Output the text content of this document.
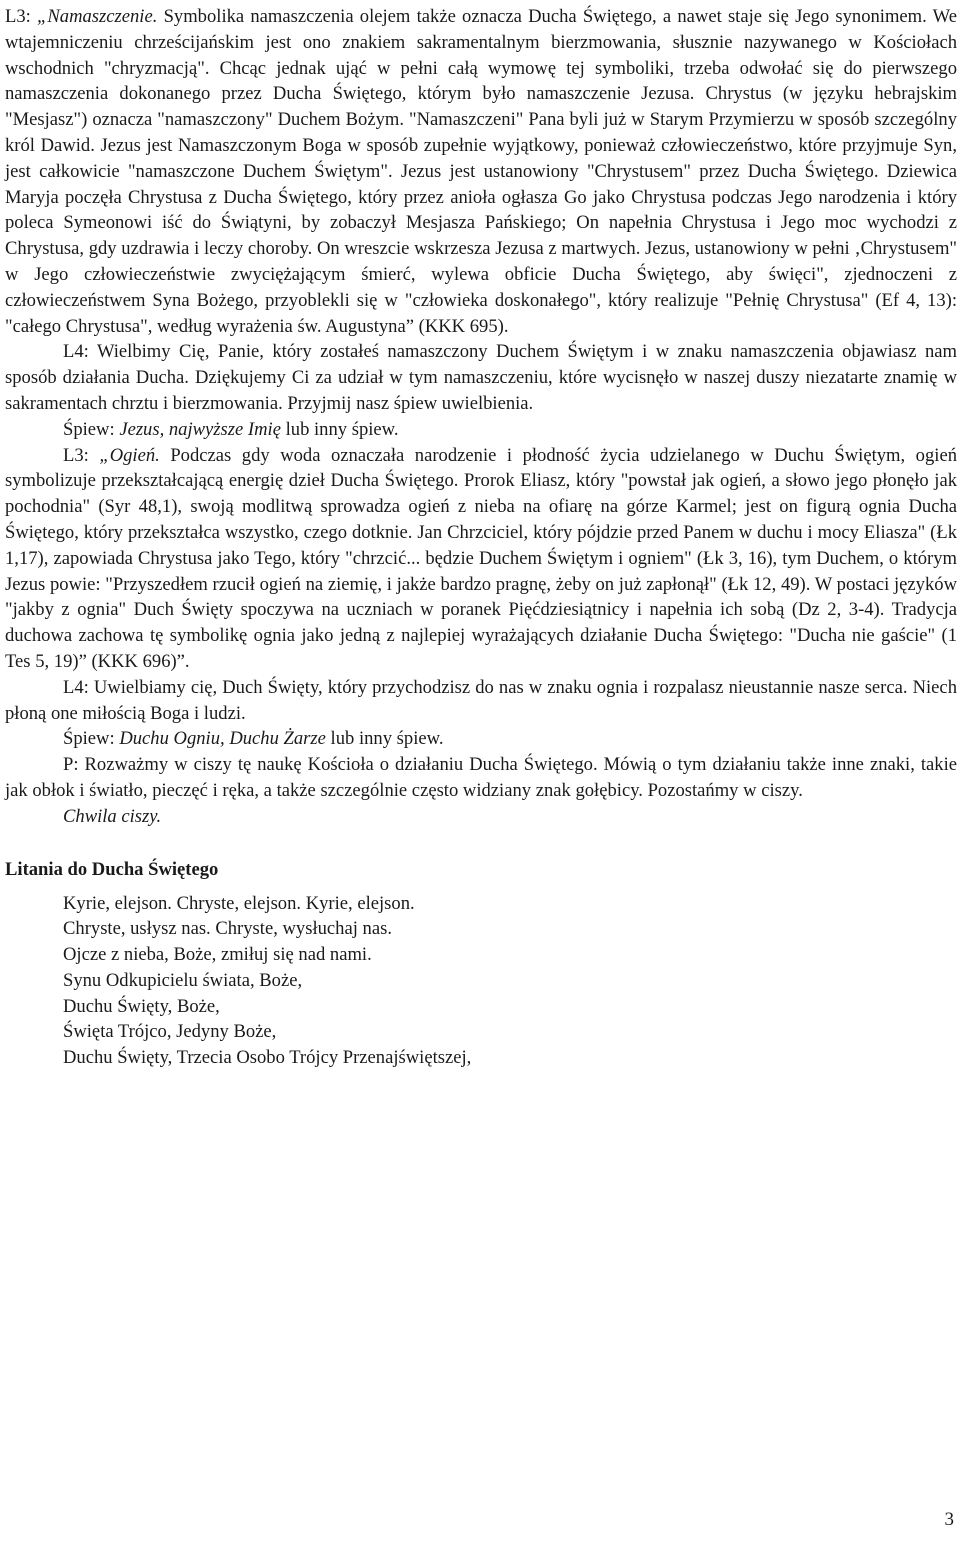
L3: „Namaszczenie. Symbolika namaszczenia olejem także oznacza Ducha Świętego, a nawet staje się Jego synonimem. We wtajemniczeniu chrześcijańskim jest ono znakiem sakramentalnym bierzmowania, słusznie nazywanego w Kościołach wschodnich "chryzmacją". Chcąc jednak ująć w pełni całą wymowę tej symboliki, trzeba odwołać się do pierwszego namaszczenia dokonanego przez Ducha Świętego, którym było namaszczenie Jezusa. Chrystus (w języku hebrajskim "Mesjasz") oznacza "namaszczony" Duchem Bożym. "Namaszczeni" Pana byli już w Starym Przymierzu w sposób szczególny król Dawid. Jezus jest Namaszczonym Boga w sposób zupełnie wyjątkowy, ponieważ człowieczeństwo, które przyjmuje Syn, jest całkowicie "namaszczone Duchem Świętym". Jezus jest ustanowiony "Chrystusem" przez Ducha Świętego. Dziewica Maryja poczęła Chrystusa z Ducha Świętego, który przez anioła ogłasza Go jako Chrystusa podczas Jego narodzenia i który poleca Symeonowi iść do Świątyni, by zobaczył Mesjasza Pańskiego; On napełnia Chrystusa i Jego moc wychodzi z Chrystusa, gdy uzdrawia i leczy choroby. On wreszcie wskrzesza Jezusa z martwych. Jezus, ustanowiony w pełni ‚Chrystusem" w Jego człowieczeństwie zwyciężającym śmierć, wylewa obficie Ducha Świętego, aby święci", zjednoczeni z człowieczeństwem Syna Bożego, przyoblekli się w "człowieka doskonałego", który realizuje "Pełnię Chrystusa" (Ef 4, 13): "całego Chrystusa", według wyrażenia św. Augustyna” (KKK 695).

L4: Wielbimy Cię, Panie, który zostałeś namaszczony Duchem Świętym i w znaku namaszczenia objawiasz nam sposób działania Ducha. Dziękujemy Ci za udział w tym namaszczeniu, które wycisnęło w naszej duszy niezatarte znamię w sakramentach chrztu i bierzmowania. Przyjmij nasz śpiew uwielbienia.

Śpiew: Jezus, najwyższe Imię lub inny śpiew.

L3: „Ogień. Podczas gdy woda oznaczała narodzenie i płodność życia udzielanego w Duchu Świętym, ogień symbolizuje przekształcającą energię dzieł Ducha Świętego. Prorok Eliasz, który "powstał jak ogień, a słowo jego płonęło jak pochodnia" (Syr 48,1), swoją modlitwą sprowadza ogień z nieba na ofiarę na górze Karmel; jest on figurą ognia Ducha Świętego, który przekształca wszystko, czego dotknie. Jan Chrzciciel, który pójdzie przed Panem w duchu i mocy Eliasza" (Łk 1,17), zapowiada Chrystusa jako Tego, który "chrzcić... będzie Duchem Świętym i ogniem" (Łk 3, 16), tym Duchem, o którym Jezus powie: "Przyszedłem rzucił ogień na ziemię, i jakże bardzo pragnę, żeby on już zapłonął" (Łk 12, 49). W postaci języków "jakby z ognia" Duch Święty spoczywa na uczniach w poranek Pięćdziesiątnicy i napełnia ich sobą (Dz 2, 3-4). Tradycja duchowa zachowa tę symbolikę ognia jako jedną z najlepiej wyrażających działanie Ducha Świętego: "Ducha nie gaście" (1 Tes 5, 19)” (KKK 696)”.

L4: Uwielbiamy cię, Duch Święty, który przychodzisz do nas w znaku ognia i rozpalasz nieustannie nasze serca. Niech płoną one miłością Boga i ludzi.

Śpiew: Duchu Ogniu, Duchu Żarze lub inny śpiew.

P: Rozważmy w ciszy tę naukę Kościoła o działaniu Ducha Świętego. Mówią o tym działaniu także inne znaki, takie jak obłok i światło, pieczęć i ręka, a także szczególnie często widziany znak gołębicy. Pozostańmy w ciszy.

Chwila ciszy.

Litania do Ducha Świętego
Kyrie, elejson. Chryste, elejson. Kyrie, elejson.
Chryste, usłysz nas. Chryste, wysłuchaj nas.
Ojcze z nieba, Boże, zmiłuj się nad nami.
Synu Odkupicielu świata, Boże,
Duchu Święty, Boże,
Święta Trójco, Jedyny Boże,
Duchu Święty, Trzecia Osobo Trójcy Przenajświętszej,
3
